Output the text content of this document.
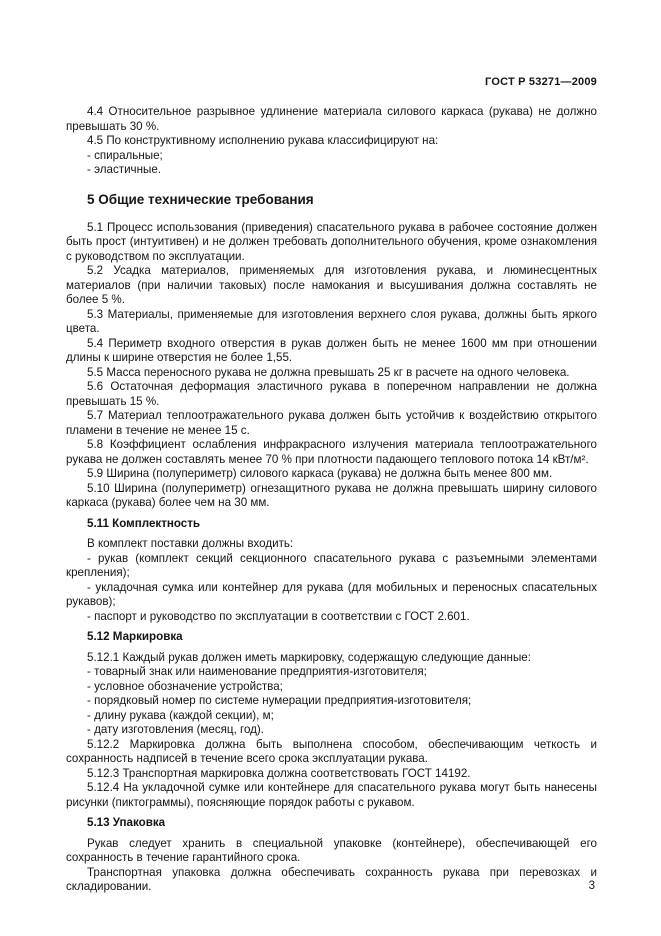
ГОСТ Р 53271—2009
4.4 Относительное разрывное удлинение материала силового каркаса (рукава) не должно превышать 30 %.
4.5 По конструктивному исполнению рукава классифицируют на:
- спиральные;
- эластичные.
5 Общие технические требования
5.1 Процесс использования (приведения) спасательного рукава в рабочее состояние должен быть прост (интуитивен) и не должен требовать дополнительного обучения, кроме ознакомления с руководством по эксплуатации.
5.2 Усадка материалов, применяемых для изготовления рукава, и люминесцентных материалов (при наличии таковых) после намокания и высушивания должна составлять не более 5 %.
5.3 Материалы, применяемые для изготовления верхнего слоя рукава, должны быть яркого цвета.
5.4 Периметр входного отверстия в рукав должен быть не менее 1600 мм при отношении длины к ширине отверстия не более 1,55.
5.5 Масса переносного рукава не должна превышать 25 кг в расчете на одного человека.
5.6 Остаточная деформация эластичного рукава в поперечном направлении не должна превышать 15 %.
5.7 Материал теплоотражательного рукава должен быть устойчив к воздействию открытого пламени в течение не менее 15 с.
5.8 Коэффициент ослабления инфракрасного излучения материала теплоотражательного рукава не должен составлять менее 70 % при плотности падающего теплового потока 14 кВт/м².
5.9 Ширина (полупериметр) силового каркаса (рукава) не должна быть менее 800 мм.
5.10 Ширина (полупериметр) огнезащитного рукава не должна превышать ширину силового каркаса (рукава) более чем на 30 мм.
5.11 Комплектность
В комплект поставки должны входить:
- рукав (комплект секций секционного спасательного рукава с разъемными элементами крепления);
- укладочная сумка или контейнер для рукава (для мобильных и переносных спасательных рукавов);
- паспорт и руководство по эксплуатации в соответствии с ГОСТ 2.601.
5.12 Маркировка
5.12.1 Каждый рукав должен иметь маркировку, содержащую следующие данные:
- товарный знак или наименование предприятия-изготовителя;
- условное обозначение устройства;
- порядковый номер по системе нумерации предприятия-изготовителя;
- длину рукава (каждой секции), м;
- дату изготовления (месяц, год).
5.12.2 Маркировка должна быть выполнена способом, обеспечивающим четкость и сохранность надписей в течение всего срока эксплуатации рукава.
5.12.3 Транспортная маркировка должна соответствовать ГОСТ 14192.
5.12.4 На укладочной сумке или контейнере для спасательного рукава могут быть нанесены рисунки (пиктограммы), поясняющие порядок работы с рукавом.
5.13 Упаковка
Рукав следует хранить в специальной упаковке (контейнере), обеспечивающей его сохранность в течение гарантийного срока.
Транспортная упаковка должна обеспечивать сохранность рукава при перевозках и складировании.	3
